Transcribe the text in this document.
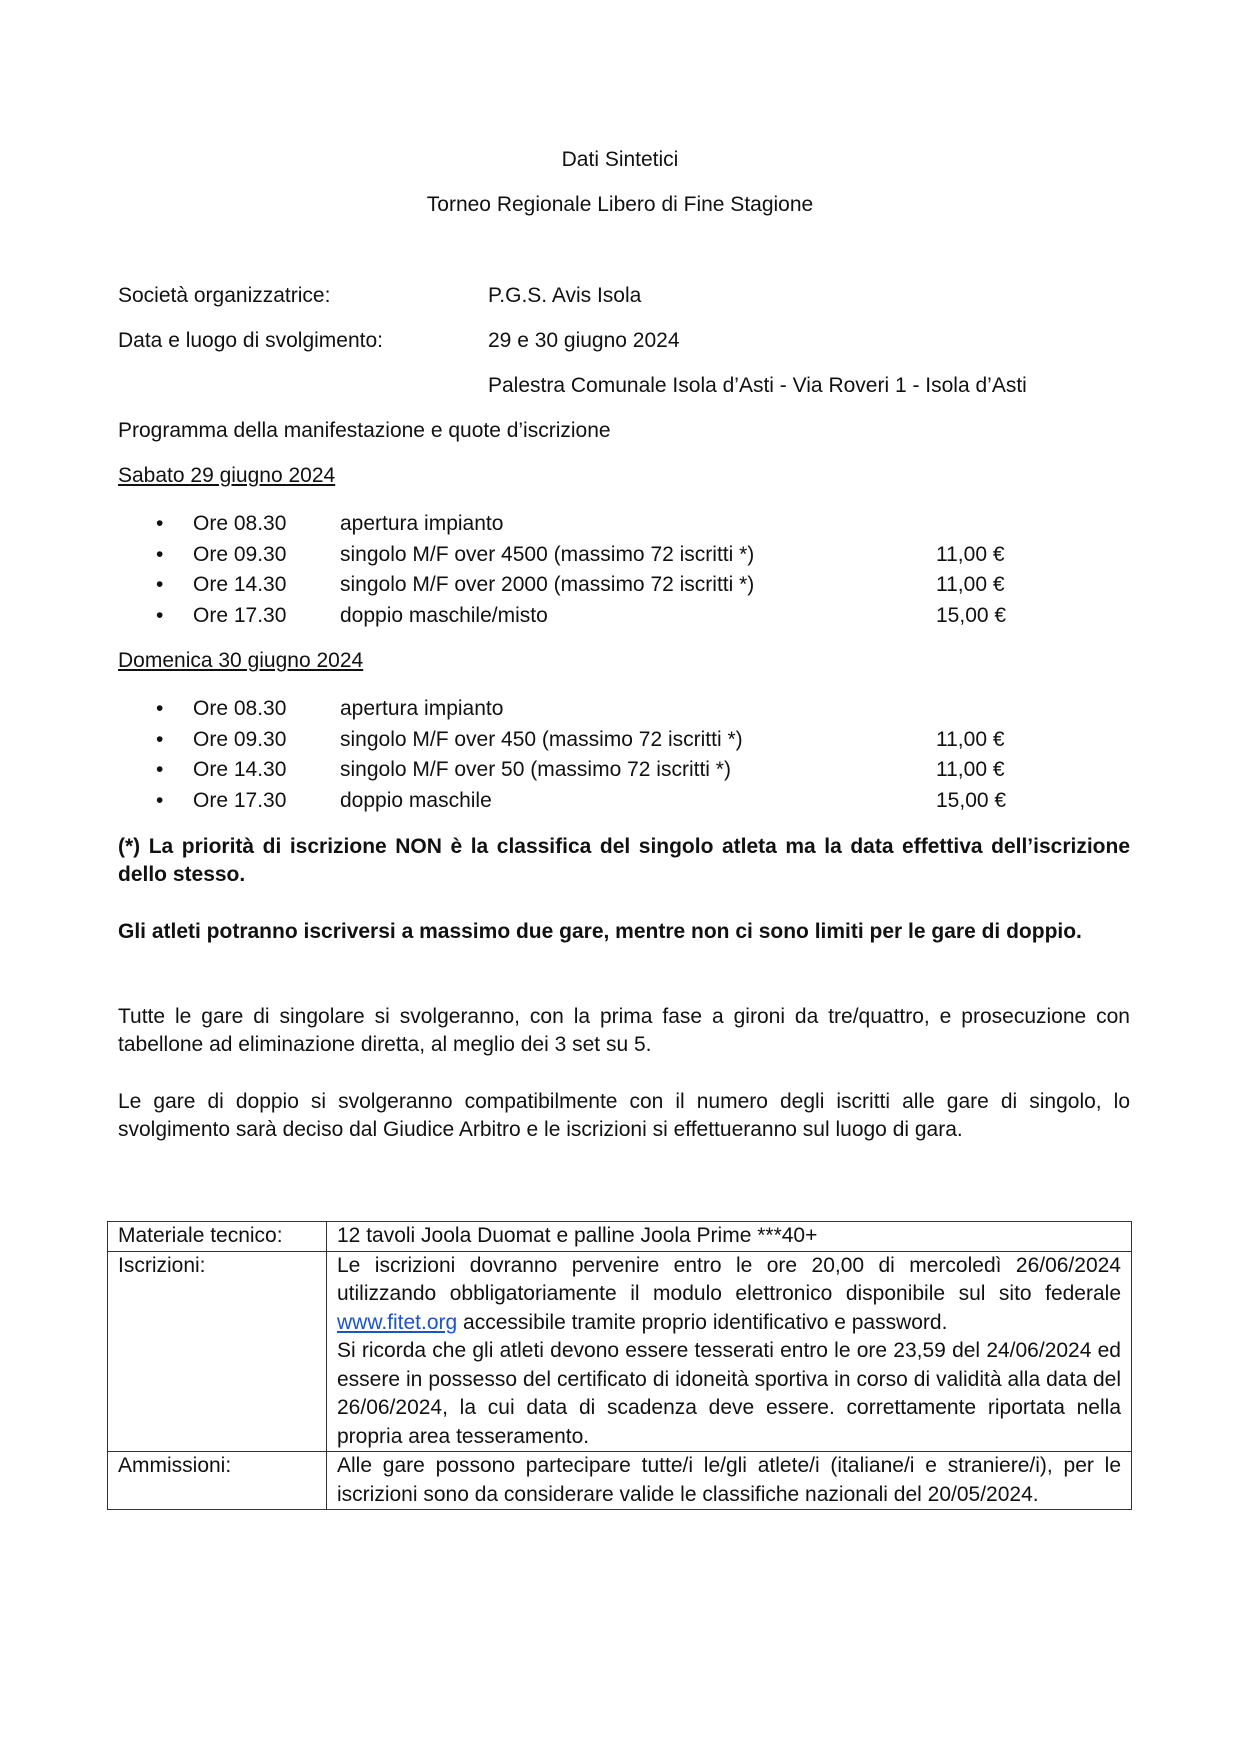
Dati Sintetici
Torneo Regionale Libero di Fine Stagione
Società organizzatrice:	P.G.S. Avis Isola
Data e luogo di svolgimento:	29 e 30 giugno 2024
Palestra Comunale Isola d’Asti - Via Roveri 1 - Isola d’Asti
Programma della manifestazione e quote d’iscrizione
Sabato 29 giugno 2024
• Ore 08.30	apertura impianto
• Ore 09.30	singolo M/F over 4500 (massimo 72 iscritti *)	11,00 €
• Ore 14.30	singolo M/F over 2000 (massimo 72 iscritti *)	11,00 €
• Ore 17.30	doppio maschile/misto	15,00 €
Domenica 30 giugno 2024
• Ore 08.30	apertura impianto
• Ore 09.30	singolo M/F over 450 (massimo 72 iscritti *)	11,00 €
• Ore 14.30	singolo M/F over 50 (massimo 72 iscritti *)	11,00 €
• Ore 17.30	doppio maschile	15,00 €
(*) La priorità di iscrizione NON è la classifica del singolo atleta ma la data effettiva dell’iscrizione dello stesso.
Gli atleti potranno iscriversi a massimo due gare, mentre non ci sono limiti per le gare di doppio.
Tutte le gare di singolare si svolgeranno, con la prima fase a gironi da tre/quattro, e prosecuzione con tabellone ad eliminazione diretta, al meglio dei 3 set su 5.
Le gare di doppio si svolgeranno compatibilmente con il numero degli iscritti alle gare di singolo, lo svolgimento sarà deciso dal Giudice Arbitro e le iscrizioni si effettueranno sul luogo di gara.
Materiale tecnico:	12 tavoli Joola Duomat e palline Joola Prime ***40+
Iscrizioni:	Le iscrizioni dovranno pervenire entro le ore 20,00 di mercoledì 26/06/2024 utilizzando obbligatoriamente il modulo elettronico disponibile sul sito federale www.fitet.org accessibile tramite proprio identificativo e password.
Si ricorda che gli atleti devono essere tesserati entro le ore 23,59 del 24/06/2024 ed essere in possesso del certificato di idoneità sportiva in corso di validità alla data del 26/06/2024, la cui data di scadenza deve essere. correttamente riportata nella propria area tesseramento.

Ammissioni:	Alle gare possono partecipare tutte/i le/gli atlete/i (italiane/i e straniere/i), per le iscrizioni sono da considerare valide le classifiche nazionali del 20/05/2024.
